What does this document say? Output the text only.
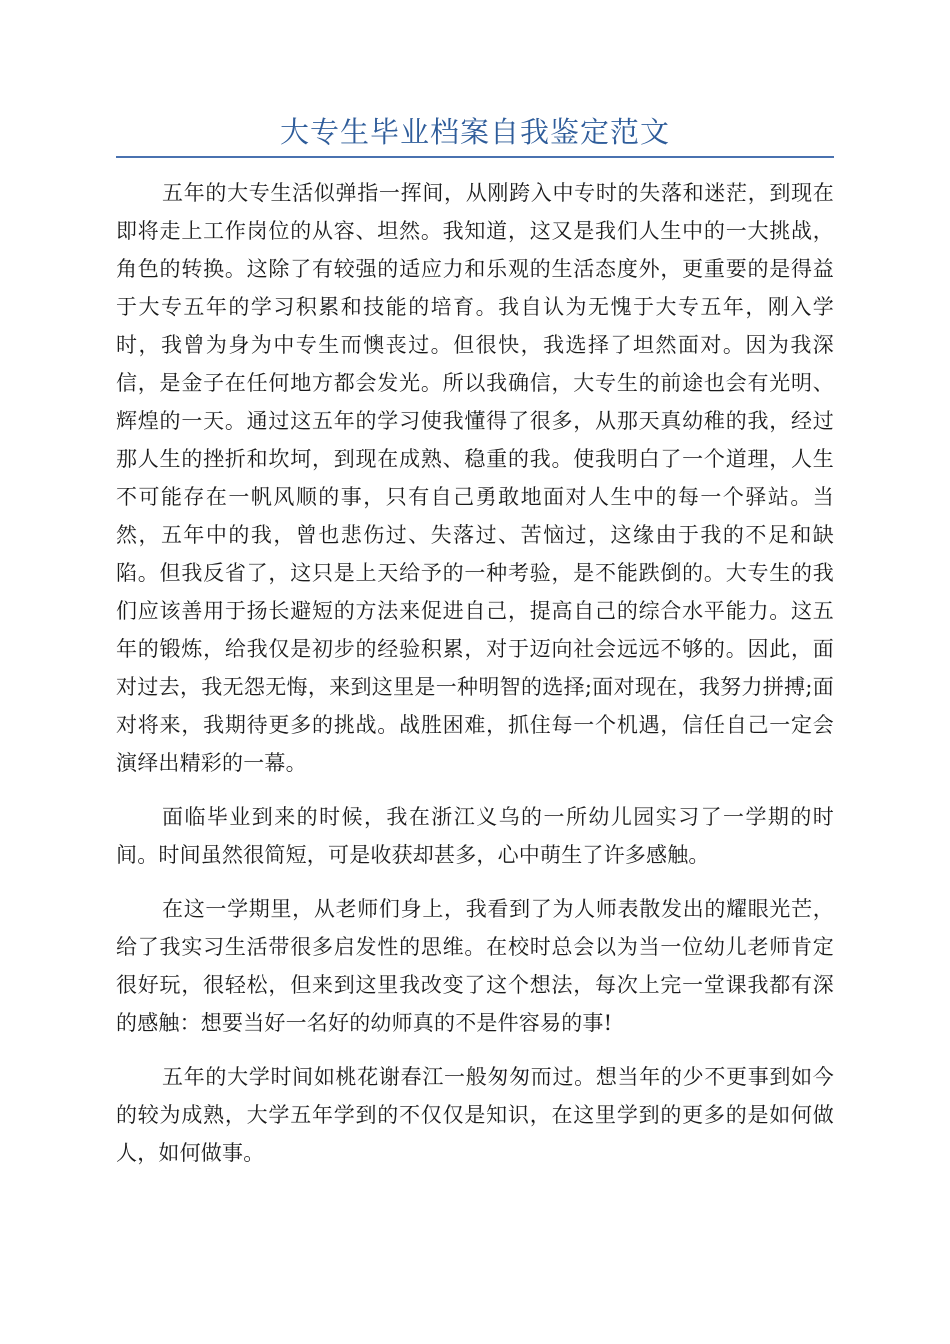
大专生毕业档案自我鉴定范文

五年的大专生活似弹指一挥间，从刚跨入中专时的失落和迷茫，到现在即将走上工作岗位的从容、坦然。我知道，这又是我们人生中的一大挑战，角色的转换。这除了有较强的适应力和乐观的生活态度外，更重要的是得益于大专五年的学习积累和技能的培育。我自认为无愧于大专五年，刚入学时，我曾为身为中专生而懊丧过。但很快，我选择了坦然面对。因为我深信，是金子在任何地方都会发光。所以我确信，大专生的前途也会有光明、辉煌的一天。通过这五年的学习使我懂得了很多，从那天真幼稚的我，经过那人生的挫折和坎坷，到现在成熟、稳重的我。使我明白了一个道理，人生不可能存在一帆风顺的事，只有自己勇敢地面对人生中的每一个驿站。当然，五年中的我，曾也悲伤过、失落过、苦恼过，这缘由于我的不足和缺陷。但我反省了，这只是上天给予的一种考验，是不能跌倒的。大专生的我们应该善用于扬长避短的方法来促进自己，提高自己的综合水平能力。这五年的锻炼，给我仅是初步的经验积累，对于迈向社会远远不够的。因此，面对过去，我无怨无悔，来到这里是一种明智的选择;面对现在，我努力拼搏;面对将来，我期待更多的挑战。战胜困难，抓住每一个机遇，信任自己一定会演绎出精彩的一幕。

面临毕业到来的时候，我在浙江义乌的一所幼儿园实习了一学期的时间。时间虽然很简短，可是收获却甚多，心中萌生了许多感触。

在这一学期里，从老师们身上，我看到了为人师表散发出的耀眼光芒，给了我实习生活带很多启发性的思维。在校时总会以为当一位幼儿老师肯定很好玩，很轻松，但来到这里我改变了这个想法，每次上完一堂课我都有深的感触：想要当好一名好的幼师真的不是件容易的事!

五年的大学时间如桃花谢春江一般匆匆而过。想当年的少不更事到如今的较为成熟，大学五年学到的不仅仅是知识，在这里学到的更多的是如何做人，如何做事。
